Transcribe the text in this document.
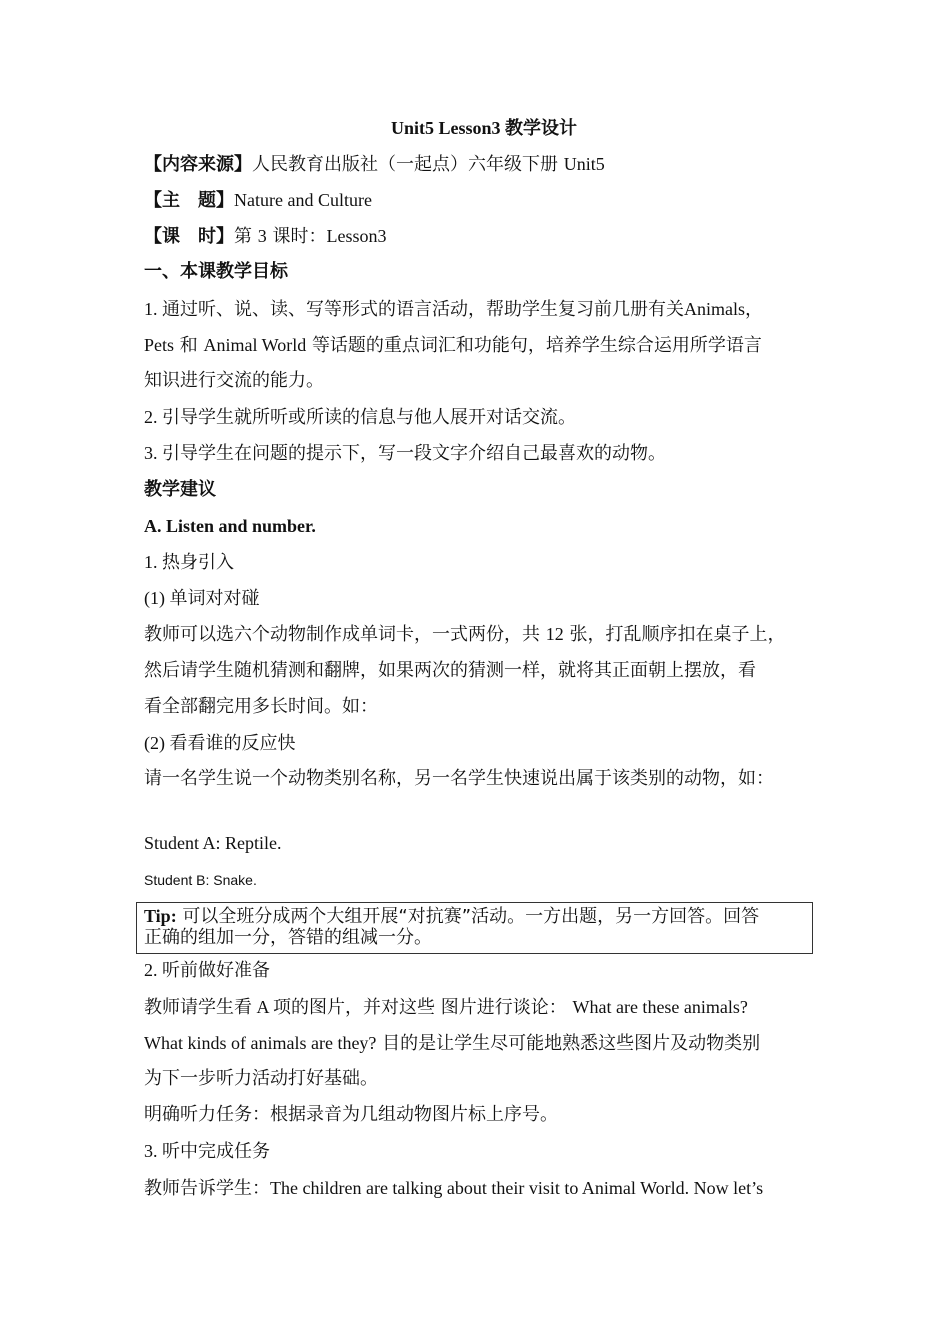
Unit5 Lesson3 教学设计
【内容来源】人民教育出版社（一起点）六年级下册 Unit5
【主　题】Nature and Culture
【课　时】第 3 课时：Lesson3
一、本课教学目标
1. 通过听、说、读、写等形式的语言活动，帮助学生复习前几册有关Animals，
Pets 和 Animal World 等话题的重点词汇和功能句，培养学生综合运用所学语言
知识进行交流的能力。
2. 引导学生就所听或所读的信息与他人展开对话交流。
3. 引导学生在问题的提示下，写一段文字介绍自己最喜欢的动物。
教学建议
A. Listen and number.
1. 热身引入
(1) 单词对对碰
教师可以选六个动物制作成单词卡，一式两份，共 12 张，打乱顺序扣在桌子上，
然后请学生随机猜测和翻牌，如果两次的猜测一样，就将其正面朝上摆放，看
看全部翻完用多长时间。如：
(2) 看看谁的反应快
请一名学生说一个动物类别名称，另一名学生快速说出属于该类别的动物，如：
Student A: Reptile.
Student B: Snake.
Tip: 可以全班分成两个大组开展“对抗赛”活动。一方出题，另一方回答。回答
正确的组加一分，答错的组减一分。
2. 听前做好准备
教师请学生看 A 项的图片，并对这些 图片进行谈论： What are these animals?
What kinds of animals are they? 目的是让学生尽可能地熟悉这些图片及动物类别
为下一步听力活动打好基础。
明确听力任务：根据录音为几组动物图片标上序号。
3. 听中完成任务
教师告诉学生：The children are talking about their visit to Animal World. Now let’s
